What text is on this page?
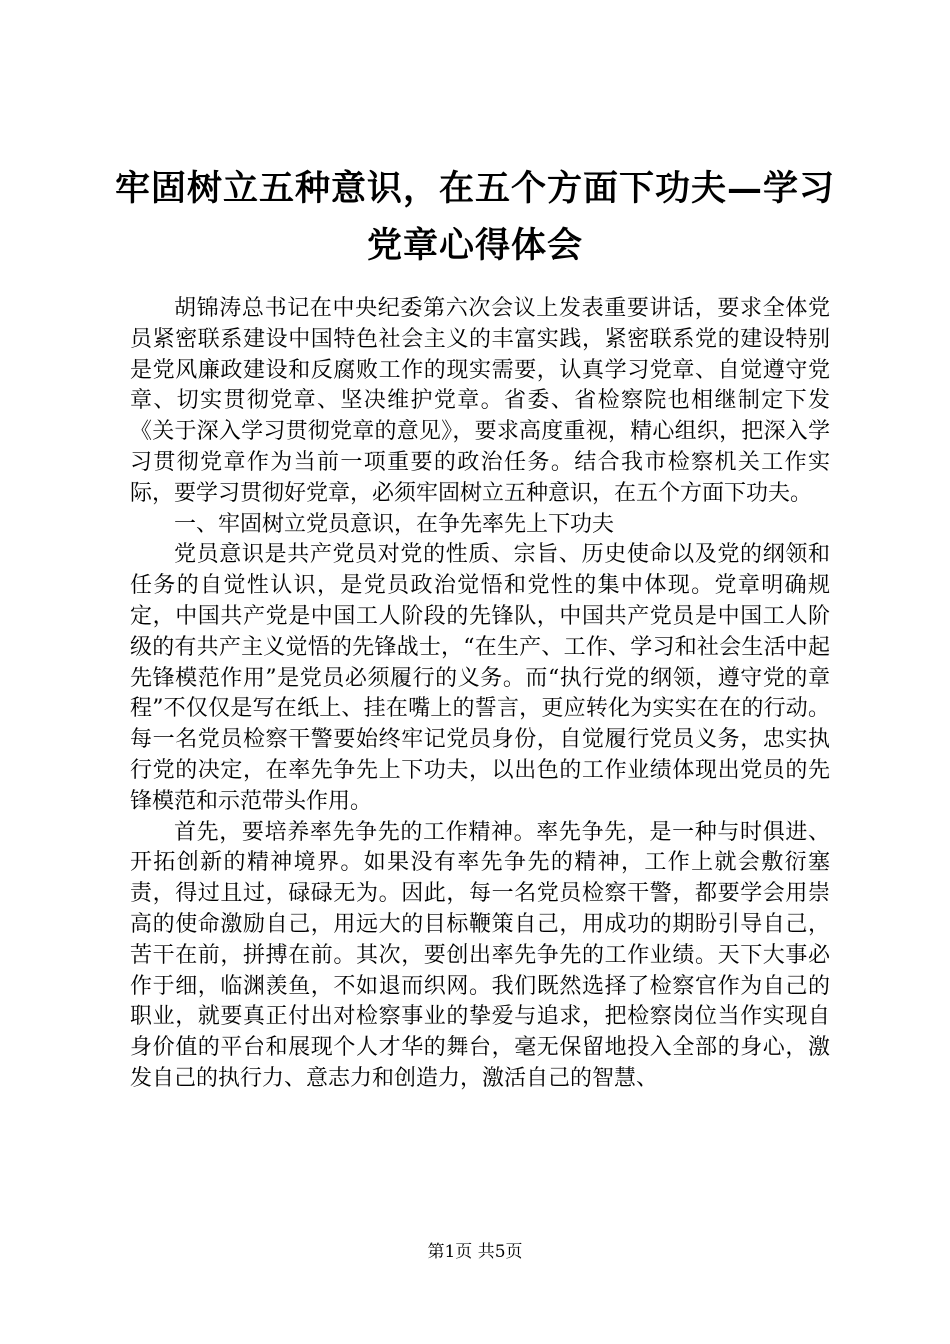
牢固树立五种意识，在五个方面下功夫—学习
党章心得体会

胡锦涛总书记在中央纪委第六次会议上发表重要讲话，要求全体党员紧密联系建设中国特色社会主义的丰富实践，紧密联系党的建设特别是党风廉政建设和反腐败工作的现实需要，认真学习党章、自觉遵守党章、切实贯彻党章、坚决维护党章。省委、省检察院也相继制定下发《关于深入学习贯彻党章的意见》，要求高度重视，精心组织，把深入学习贯彻党章作为当前一项重要的政治任务。结合我市检察机关工作实际，要学习贯彻好党章，必须牢固树立五种意识，在五个方面下功夫。

一、牢固树立党员意识，在争先率先上下功夫

党员意识是共产党员对党的性质、宗旨、历史使命以及党的纲领和任务的自觉性认识，是党员政治觉悟和党性的集中体现。党章明确规定，中国共产党是中国工人阶段的先锋队，中国共产党员是中国工人阶级的有共产主义觉悟的先锋战士，“在生产、工作、学习和社会生活中起先锋模范作用”是党员必须履行的义务。而“执行党的纲领，遵守党的章程”不仅仅是写在纸上、挂在嘴上的誓言，更应转化为实实在在的行动。每一名党员检察干警要始终牢记党员身份，自觉履行党员义务，忠实执行党的决定，在率先争先上下功夫，以出色的工作业绩体现出党员的先锋模范和示范带头作用。

首先，要培养率先争先的工作精神。率先争先，是一种与时俱进、开拓创新的精神境界。如果没有率先争先的精神，工作上就会敷衍塞责，得过且过，碌碌无为。因此，每一名党员检察干警，都要学会用崇高的使命激励自己，用远大的目标鞭策自己，用成功的期盼引导自己，苦干在前，拼搏在前。其次，要创出率先争先的工作业绩。天下大事必作于细，临渊羡鱼，不如退而织网。我们既然选择了检察官作为自己的职业，就要真正付出对检察事业的挚爱与追求，把检察岗位当作实现自身价值的平台和展现个人才华的舞台，毫无保留地投入全部的身心，激发自己的执行力、意志力和创造力，激活自己的智慧、

第1页 共5页
